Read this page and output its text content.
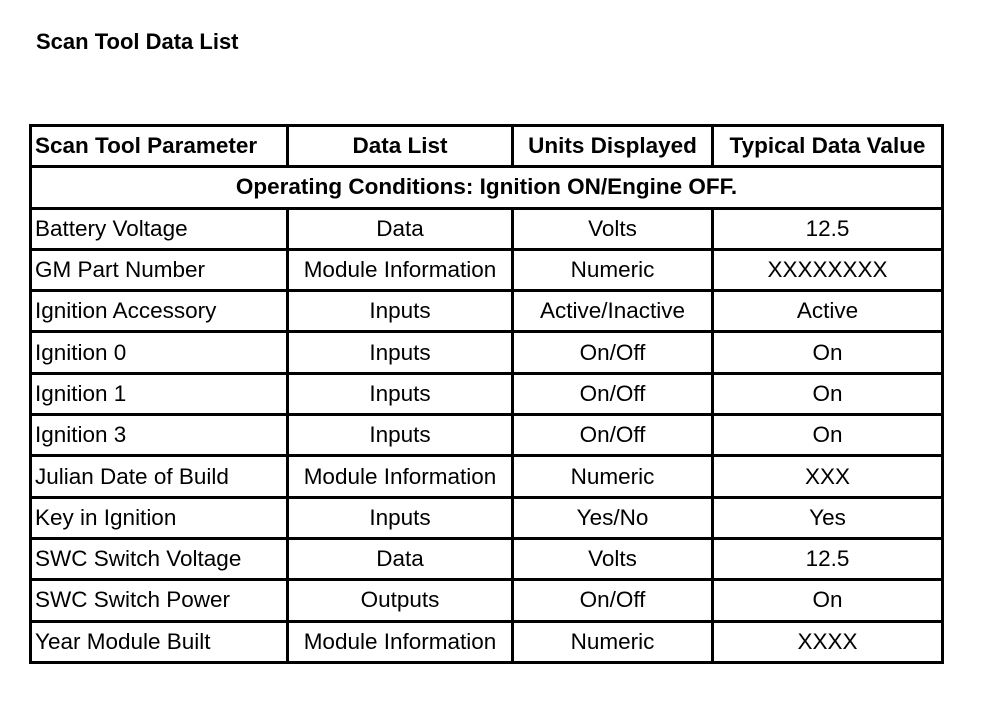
Scan Tool Data List
Scan Tool Parameter	Data List	Units Displayed	Typical Data Value
Operating Conditions: Ignition ON/Engine OFF.			
Battery Voltage	Data	Volts	12.5
GM Part Number	Module Information	Numeric	XXXXXXXX
Ignition Accessory	Inputs	Active/Inactive	Active
Ignition 0	Inputs	On/Off	On
Ignition 1	Inputs	On/Off	On
Ignition 3	Inputs	On/Off	On
Julian Date of Build	Module Information	Numeric	XXX
Key in Ignition	Inputs	Yes/No	Yes
SWC Switch Voltage	Data	Volts	12.5
SWC Switch Power	Outputs	On/Off	On
Year Module Built	Module Information	Numeric	XXXX
